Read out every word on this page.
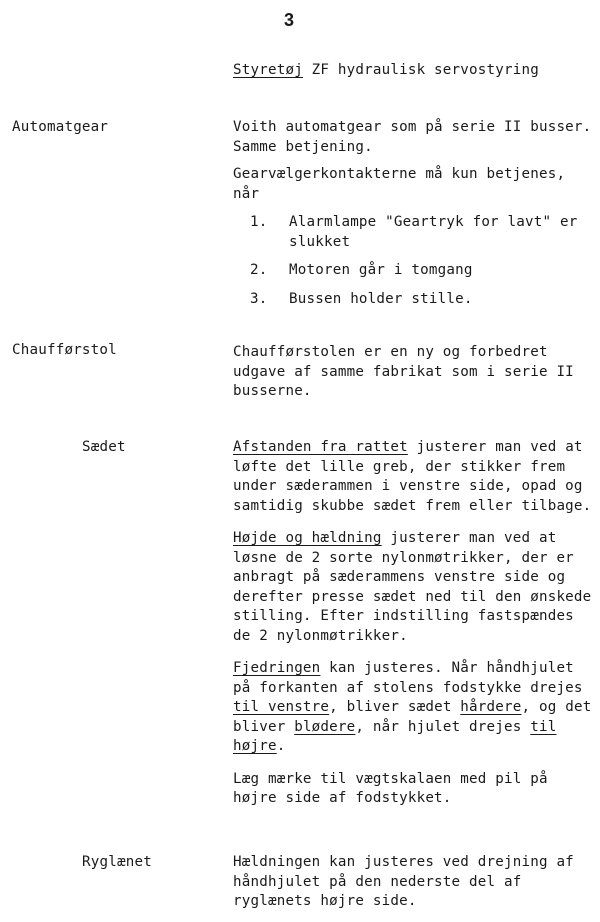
3
Styretøj ZF hydraulisk servostyring
Automatgear	Voith automatgear som på serie II busser. Samme betjening.

Gearvælgerkontakterne må kun betjenes, når

1.	Alarmlampe "Geartryk for lavt" er slukket
2.	Motoren går i tomgang
3.	Bussen holder stille.
Chaufførstol	Chaufførstolen er en ny og forbedret udgave af samme fabrikat som i serie II busserne.

Sædet	Afstanden fra rattet justerer man ved at løfte det lille greb, der stikker frem under sæderammen i venstre side, opad og samtidig skubbe sædet frem eller tilbage.

Højde og hældning justerer man ved at løsne de 2 sorte nylonmøtrikker, der er anbragt på sæderammens venstre side og derefter presse sædet ned til den ønskede stilling. Efter indstilling fastspændes de 2 nylonmøtrikker.

Fjedringen kan justeres. Når håndhjulet på forkanten af stolens fodstykke drejes til venstre, bliver sædet hårdere, og det bliver blødere, når hjulet drejes til højre.

Læg mærke til vægtskalaen med pil på højre side af fodstykket.

Ryglænet	Hældningen kan justeres ved drejning af håndhjulet på den nederste del af ryglænets højre side.
